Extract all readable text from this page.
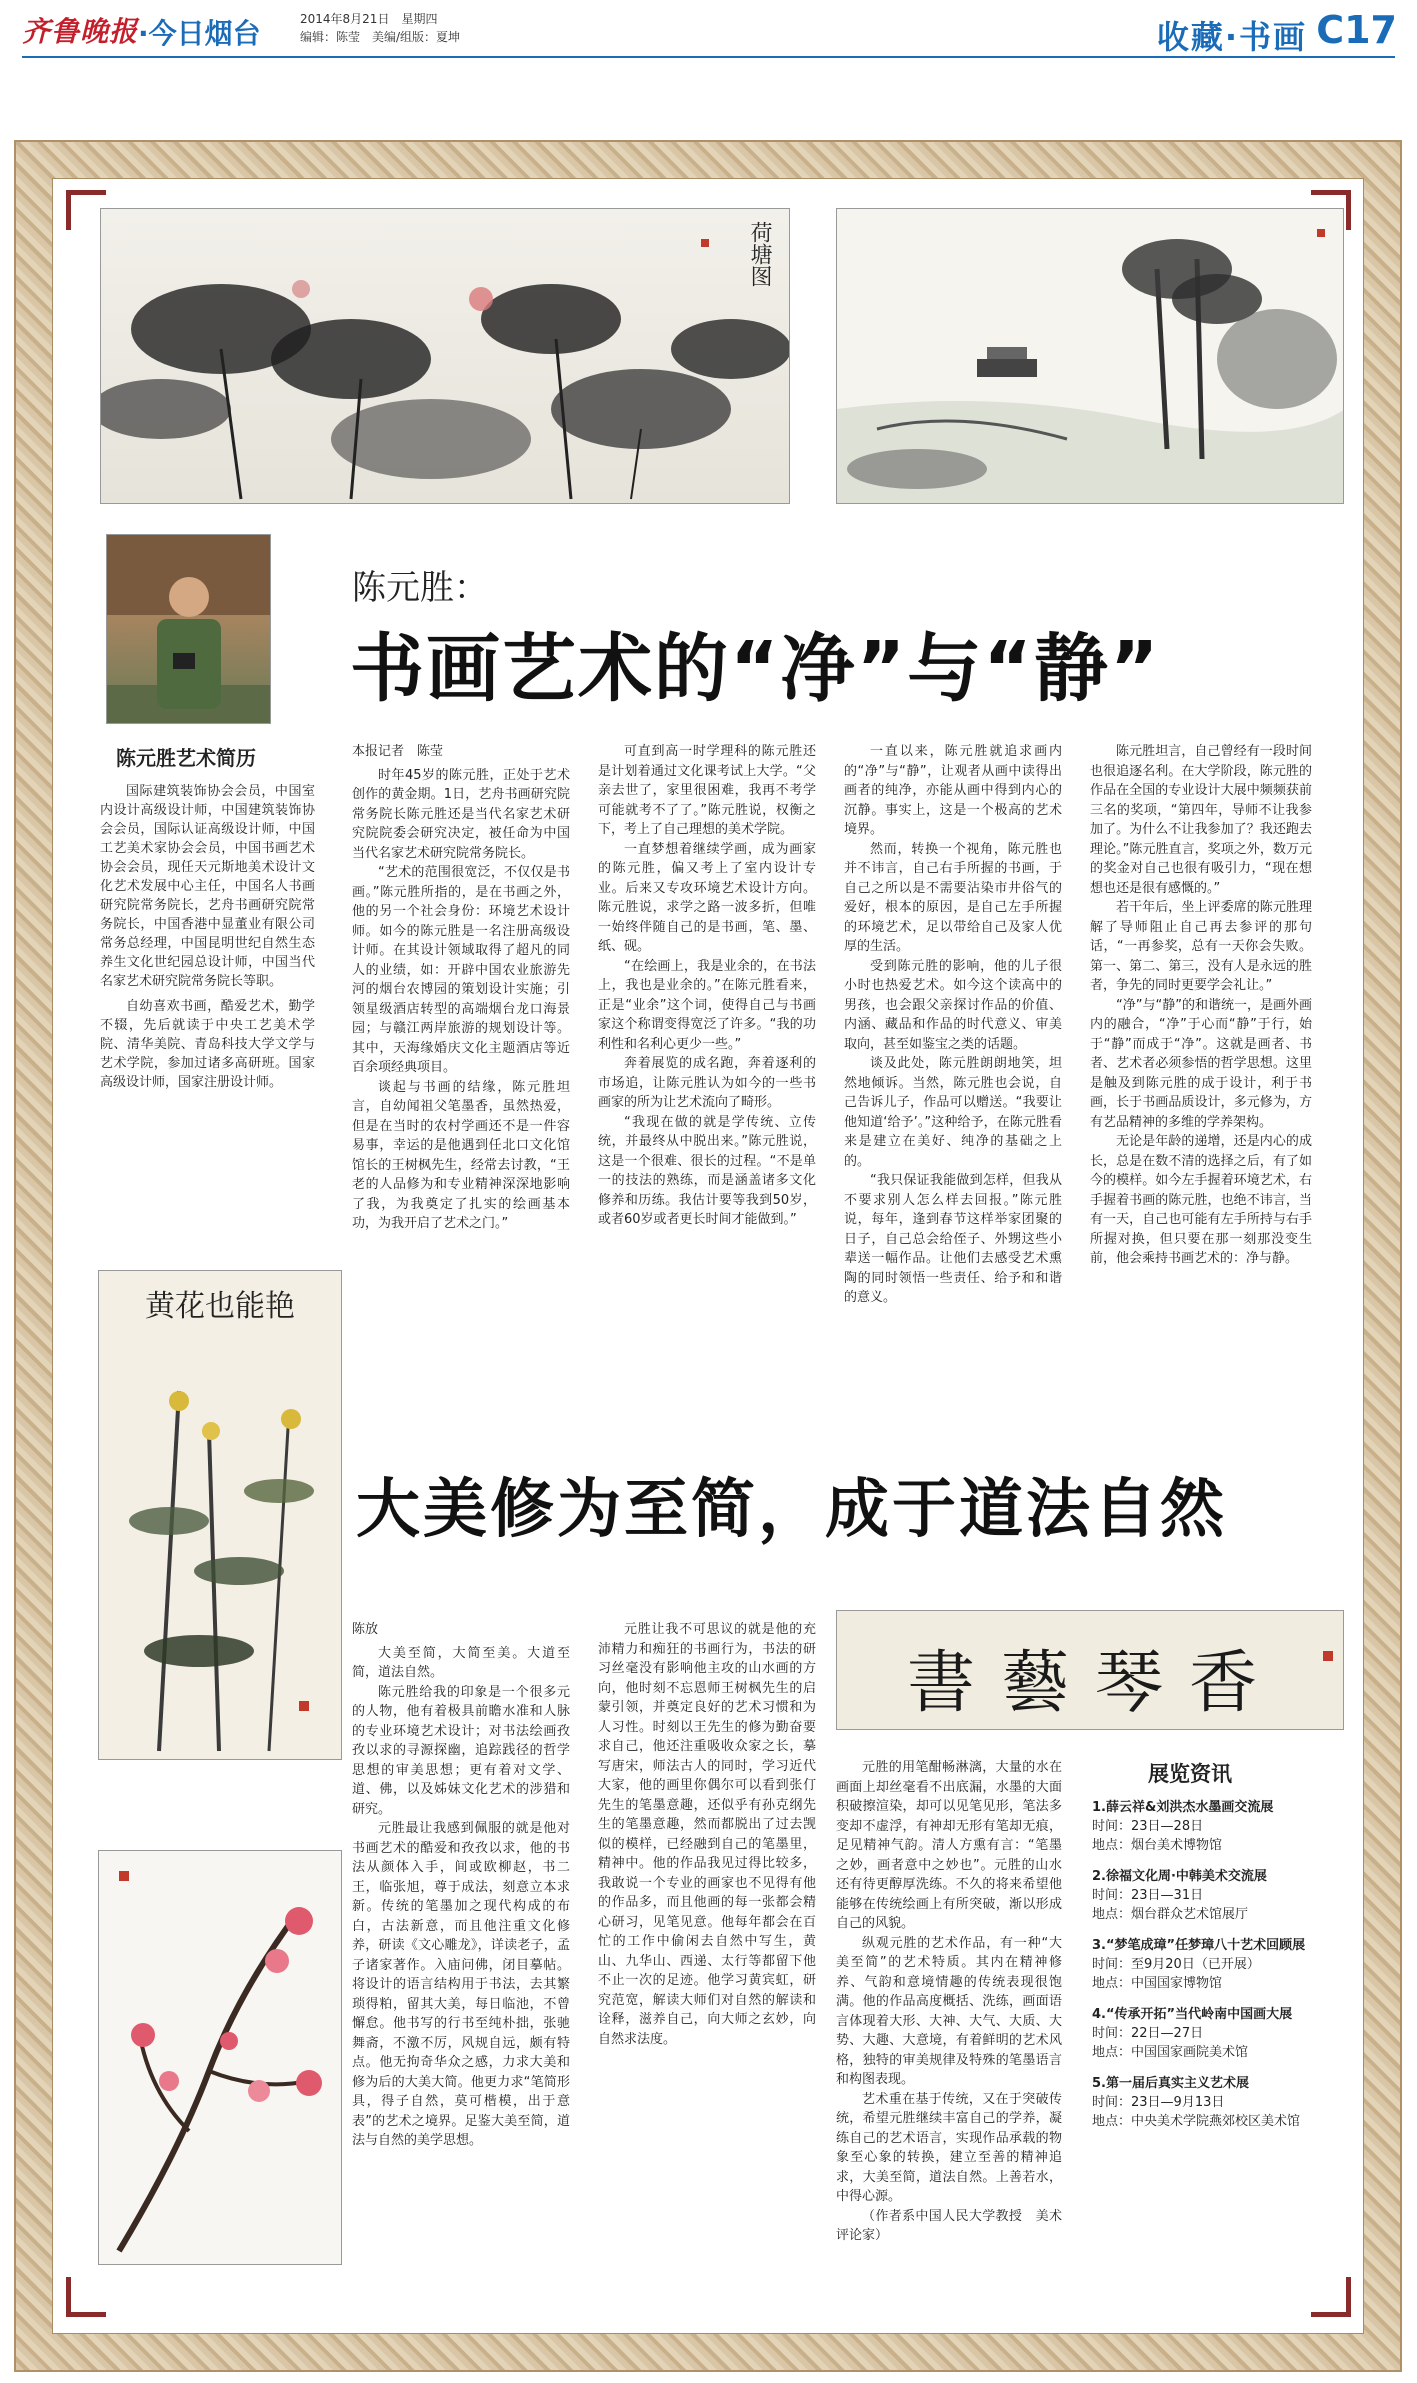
齐鲁晚报 ·今日烟台	2014年8月21日　星期四
编辑：陈莹　美编/组版：夏坤	收藏·书画 C17
荷塘图
陈元胜：
书画艺术的“净”与“静”
陈元胜艺术简历

国际建筑装饰协会会员，中国室内设计高级设计师，中国建筑装饰协会会员，国际认证高级设计师，中国工艺美术家协会会员，中国书画艺术协会会员，现任天元斯地美术设计文化艺术发展中心主任，中国名人书画研究院常务院长，艺舟书画研究院常务院长，中国香港中显董业有限公司常务总经理，中国昆明世纪自然生态养生文化世纪园总设计师，中国当代名家艺术研究院常务院长等职。

自幼喜欢书画，酷爱艺术，勤学不辍，先后就读于中央工艺美术学院、清华美院、青岛科技大学文学与艺术学院，参加过诸多高研班。国家高级设计师，国家注册设计师。

黄花也能艳
本报记者　陈莹

时年45岁的陈元胜，正处于艺术创作的黄金期。1日，艺舟书画研究院常务院长陈元胜还是当代名家艺术研究院院委会研究决定，被任命为中国当代名家艺术研究院常务院长。

“艺术的范围很宽泛，不仅仅是书画。”陈元胜所指的，是在书画之外，他的另一个社会身份：环境艺术设计师。如今的陈元胜是一名注册高级设计师。在其设计领域取得了超凡的同人的业绩，如：开辟中国农业旅游先河的烟台农博园的策划设计实施；引领星级酒店转型的高端烟台龙口海景园；与赣江两岸旅游的规划设计等。其中，天海缘婚庆文化主题酒店等近百余项经典项目。

谈起与书画的结缘，陈元胜坦言，自幼闻祖父笔墨香，虽然热爱，但是在当时的农村学画还不是一件容易事，幸运的是他遇到任北口文化馆馆长的王树枫先生，经常去讨教，“王老的人品修为和专业精神深深地影响了我，为我奠定了扎实的绘画基本功，为我开启了艺术之门。”

可直到高一时学理科的陈元胜还是计划着通过文化课考试上大学。“父亲去世了，家里很困难，我再不考学可能就考不了了。”陈元胜说，权衡之下，考上了自己理想的美术学院。

一直梦想着继续学画，成为画家的陈元胜，偏又考上了室内设计专业。后来又专攻环境艺术设计方向。陈元胜说，求学之路一波多折，但唯一始终伴随自己的是书画，笔、墨、纸、砚。

“在绘画上，我是业余的，在书法上，我也是业余的。”在陈元胜看来，正是“业余”这个词，使得自己与书画家这个称谓变得宽泛了许多。“我的功利性和名利心更少一些。”

奔着展览的成名跑，奔着逐利的市场追，让陈元胜认为如今的一些书画家的所为让艺术流向了畸形。

“我现在做的就是学传统、立传统，并最终从中脱出来。”陈元胜说，这是一个很难、很长的过程。“不是单一的技法的熟练，而是涵盖诸多文化修养和历练。我估计要等我到50岁，或者60岁或者更长时间才能做到。”

一直以来，陈元胜就追求画内的“净”与“静”，让观者从画中读得出画者的纯净，亦能从画中得到内心的沉静。事实上，这是一个极高的艺术境界。

然而，转换一个视角，陈元胜也并不讳言，自己右手所握的书画，于自己之所以是不需要沾染市井俗气的爱好，根本的原因，是自己左手所握的环境艺术，足以带给自己及家人优厚的生活。

受到陈元胜的影响，他的儿子很小时也热爱艺术。如今这个读高中的男孩，也会跟父亲探讨作品的价值、内涵、藏品和作品的时代意义、审美取向，甚至如鉴宝之类的话题。

谈及此处，陈元胜朗朗地笑，坦然地倾诉。当然，陈元胜也会说，自己告诉儿子，作品可以赠送。“我要让他知道‘给予’。”这种给予，在陈元胜看来是建立在美好、纯净的基础之上的。

“我只保证我能做到怎样，但我从不要求别人怎么样去回报。”陈元胜说，每年，逢到春节这样举家团聚的日子，自己总会给侄子、外甥这些小辈送一幅作品。让他们去感受艺术熏陶的同时领悟一些责任、给予和和谐的意义。

陈元胜坦言，自己曾经有一段时间也很追逐名利。在大学阶段，陈元胜的作品在全国的专业设计大展中频频获前三名的奖项，“第四年，导师不让我参加了。为什么不让我参加了？我还跑去理论。”陈元胜直言，奖项之外，数万元的奖金对自己也很有吸引力，“现在想想也还是很有感慨的。”

若干年后，坐上评委席的陈元胜理解了导师阻止自己再去参评的那句话，“一再参奖，总有一天你会失败。第一、第二、第三，没有人是永远的胜者，争先的同时更要学会礼让。”

“净”与“静”的和谐统一，是画外画内的融合，“净”于心而“静”于行，始于“静”而成于“净”。这就是画者、书者、艺术者必须参悟的哲学思想。这里是触及到陈元胜的成于设计，利于书画，长于书画品质设计，多元修为，方有艺品精神的多维的学养架构。

无论是年龄的递增，还是内心的成长，总是在数不清的选择之后，有了如今的模样。如今左手握着环境艺术，右手握着书画的陈元胜，也绝不讳言，当有一天，自己也可能有左手所持与右手所握对换，但只要在那一刻那没变生前，他会乘持书画艺术的：净与静。

大美修为至简，成于道法自然
陈放

大美至简，大简至美。大道至简，道法自然。

陈元胜给我的印象是一个很多元的人物，他有着极具前瞻水准和人脉的专业环境艺术设计；对书法绘画孜孜以求的寻源探幽，追踪践径的哲学思想的审美思想；更有着对文学、道、佛，以及姊妹文化艺术的涉猎和研究。

元胜最让我感到佩服的就是他对书画艺术的酷爱和孜孜以求，他的书法从颜体入手，间或欧柳赵，书二王，临张旭，尊于成法，刻意立本求新。传统的笔墨加之现代构成的布白，古法新意，而且他注重文化修养，研读《文心雕龙》，详读老子，孟子诸家著作。入庙问佛，闭目摹帖。将设计的语言结构用于书法，去其繁琐得粕，留其大美，每日临池，不曾懈怠。他书写的行书至纯朴拙，张驰舞斋，不激不厉，风规自远，颇有特点。他无拘奇华众之感，力求大美和修为后的大美大简。他更力求“笔简形具，得子自然，莫可楷模，出于意表”的艺术之境界。足鉴大美至简，道法与自然的美学思想。

元胜让我不可思议的就是他的充沛精力和痴狂的书画行为，书法的研习丝毫没有影响他主攻的山水画的方向，他时刻不忘恩师王树枫先生的启蒙引领，并奠定良好的艺术习惯和为人习性。时刻以王先生的修为勤奋要求自己，他还注重吸收众家之长，摹写唐宋，师法古人的同时，学习近代大家，他的画里你偶尔可以看到张仃先生的笔墨意趣，还似乎有孙克纲先生的笔墨意趣，然而都脱出了过去觊似的模样，已经融到自己的笔墨里，精神中。他的作品我见过得比较多，我敢说一个专业的画家也不见得有他的作品多，而且他画的每一张都会精心研习，见笔见意。他每年都会在百忙的工作中偷闲去自然中写生，黄山、九华山、西递、太行等都留下他不止一次的足迹。他学习黄宾虹，研究范宽，解读大师们对自然的解读和诠释，滋养自己，向大师之玄妙，向自然求法度。

元胜的用笔酣畅淋漓，大量的水在画面上却丝毫看不出底漏，水墨的大面积破擦渲染，却可以见笔见形，笔法多变却不虚浮，有神却无形有笔却无痕，足见精神气韵。清人方熏有言：“笔墨之妙，画者意中之妙也”。元胜的山水还有待更醇厚洗练。不久的将来希望他能够在传统绘画上有所突破，渐以形成自己的风貌。

纵观元胜的艺术作品，有一种“大美至简”的艺术特质。其内在精神修养、气韵和意境情趣的传统表现很饱满。他的作品高度概括、洗练，画面语言体现着大形、大神、大气、大质、大势、大趣、大意境，有着鲜明的艺术风格，独特的审美规律及特殊的笔墨语言和构图表现。

艺术重在基于传统，又在于突破传统，希望元胜继续丰富自己的学养，凝练自己的艺术语言，实现作品承载的物象至心象的转换，建立至善的精神追求，大美至简，道法自然。上善若水，中得心源。

（作者系中国人民大学教授　美术评论家）

書藝琴香
展览资讯
1.薛云祥&刘洪杰水墨画交流展
时间：23日—28日
地点：烟台美术博物馆
2.徐福文化周·中韩美术交流展
时间：23日—31日
地点：烟台群众艺术馆展厅
3.“梦笔成璋”任梦璋八十艺术回顾展
时间：至9月20日（已开展）
地点：中国国家博物馆
4.“传承开拓”当代岭南中国画大展
时间：22日—27日
地点：中国国家画院美术馆
5.第一届后真实主义艺术展
时间：23日—9月13日
地点：中央美术学院燕郊校区美术馆
